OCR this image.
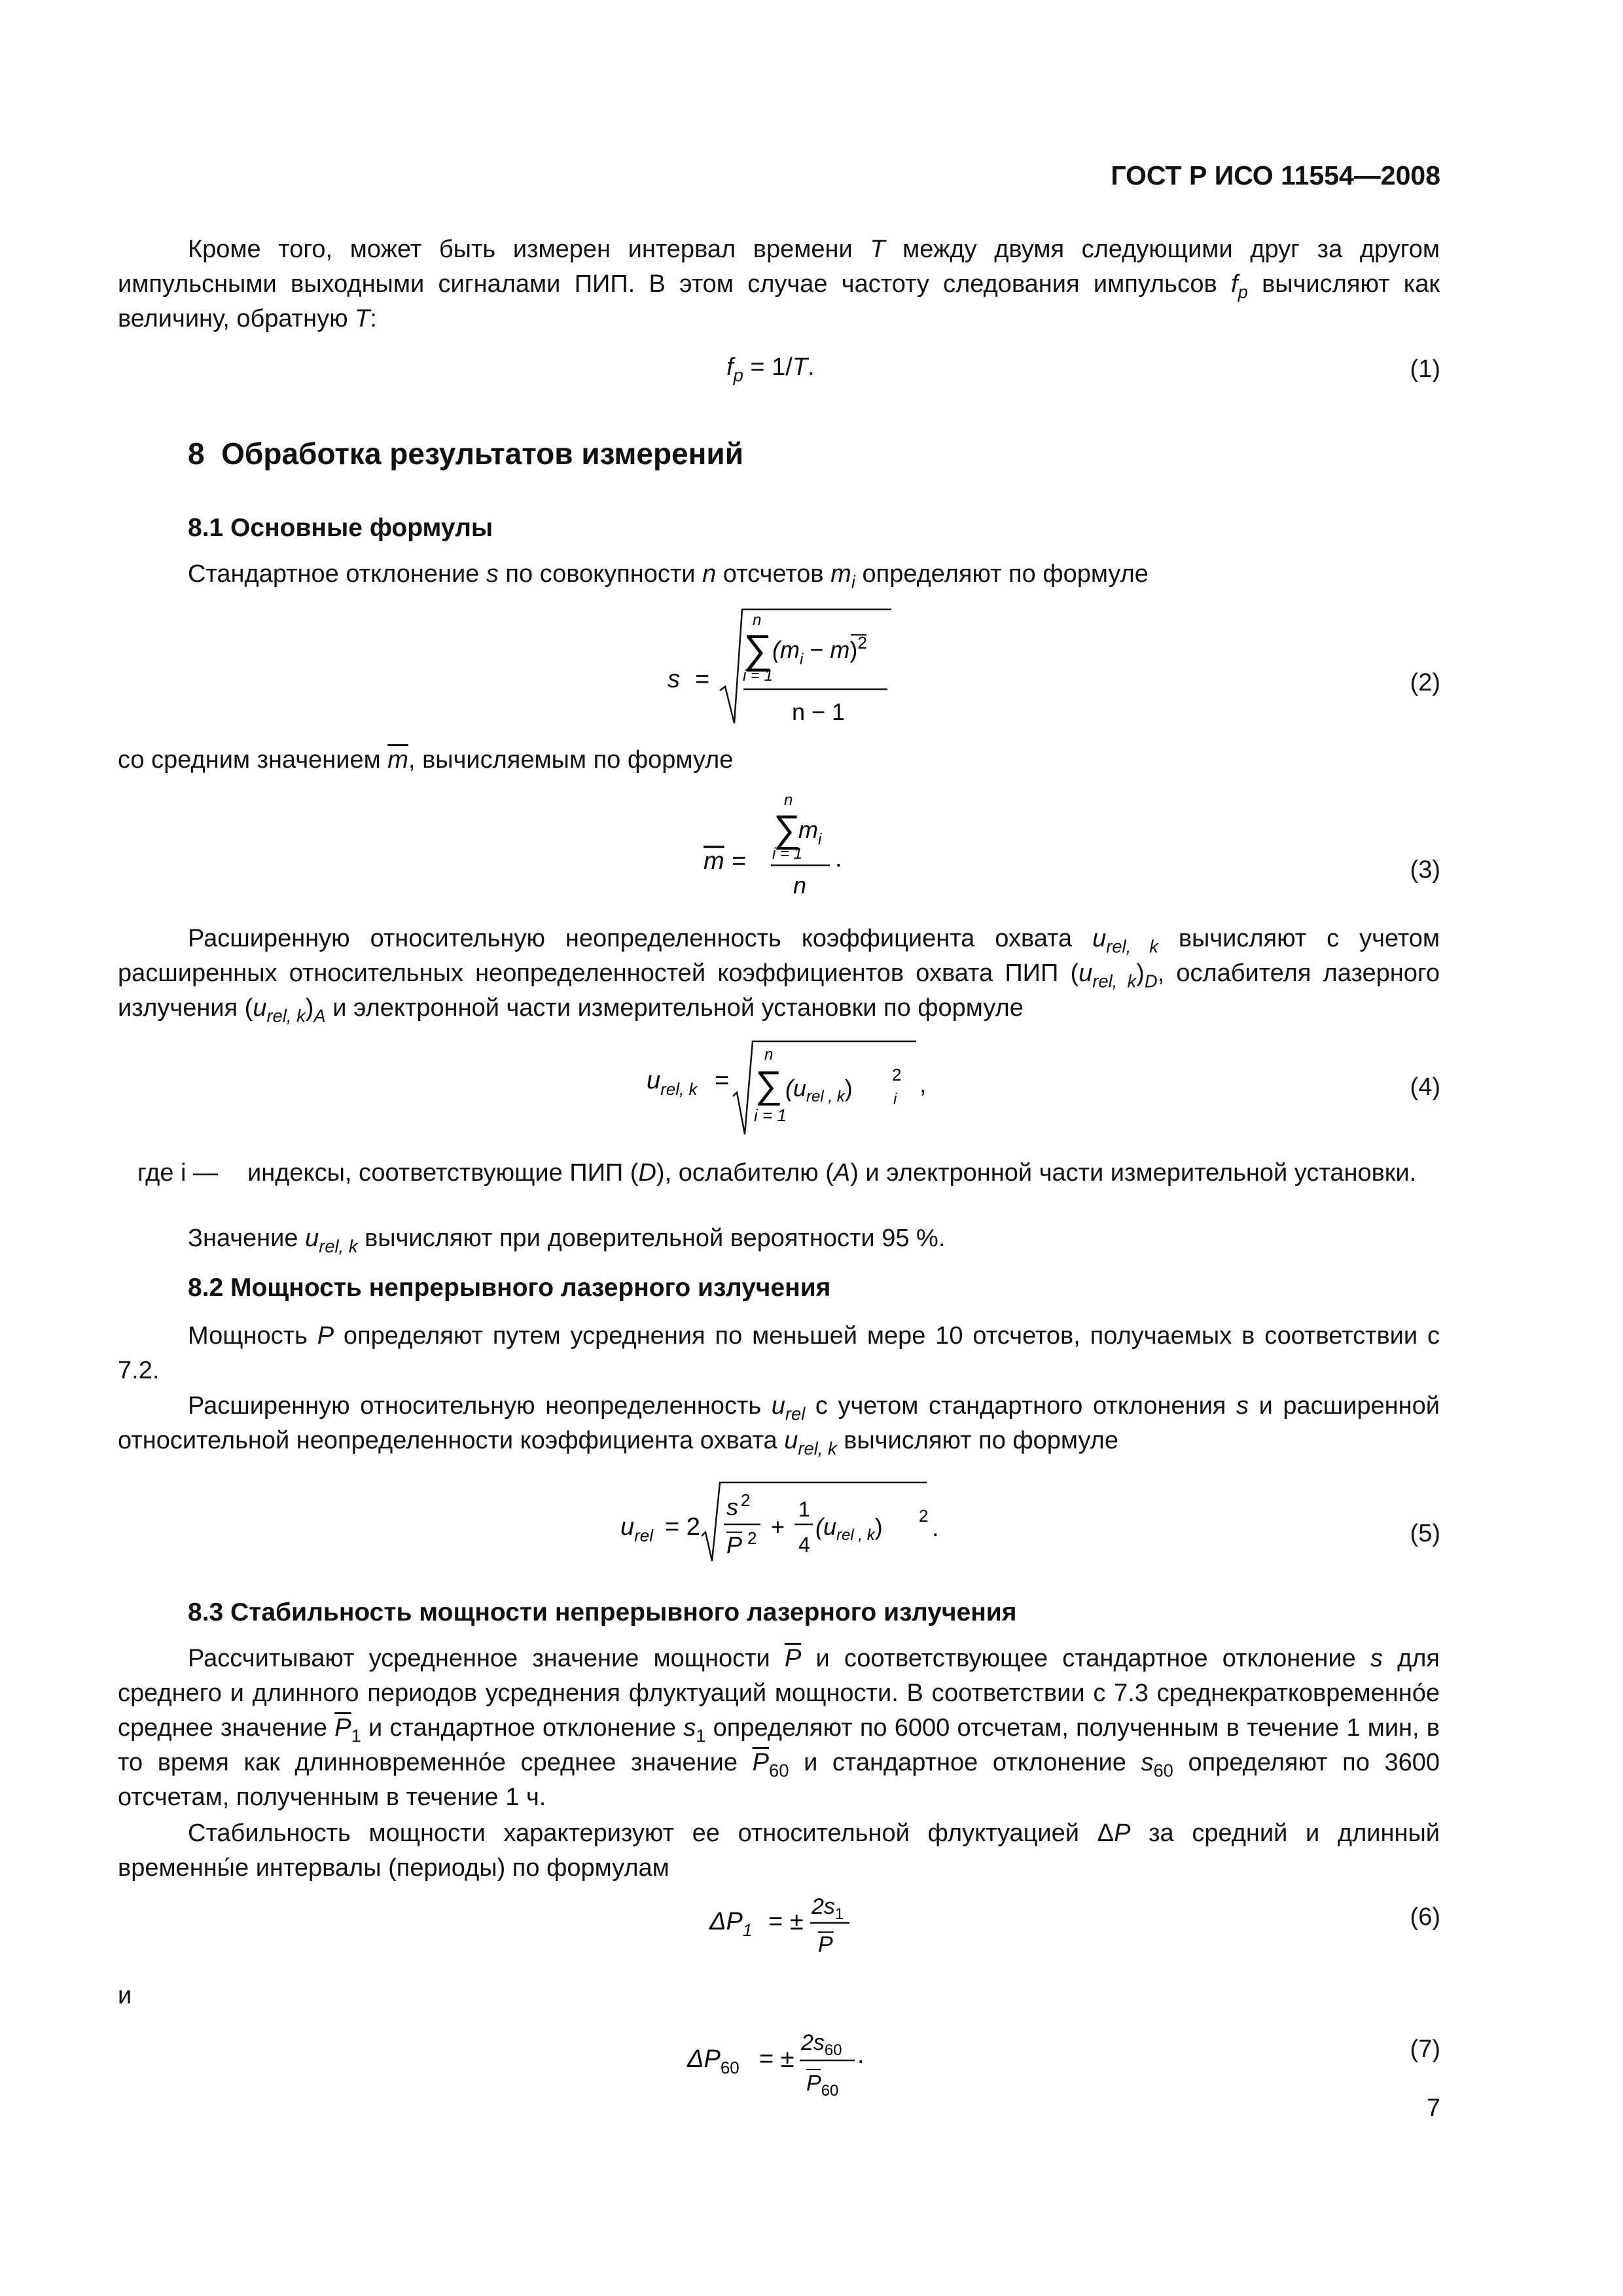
ГОСТ Р ИСО 11554—2008
Кроме того, может быть измерен интервал времени T между двумя следующими друг за другом импульсными выходными сигналами ПИП. В этом случае частоту следования импульсов $f_p$ вычисляют как величину, обратную T:
$f_p = 1/T$.	(1)
8 Обработка результатов измерений
8.1 Основные формулы
Стандартное отклонение s по совокупности n отсчетов $m_i$ определяют по формуле
s =
n
∑
i = 1
$(m_i - m)^2$
n − 1
(2)
со средним значением $\overline{m}$, вычисляемым по формуле
n
∑
$m_i$
i = 1
m =	.
n
(3)
Расширенную относительную неопределенность коэффициента охвата $u_{rel, k}$ вычисляют с учетом расширенных относительных неопределенностей коэффициентов охвата ПИП $(u_{rel, k})_D$, ослабителя лазерного излучения $(u_{rel, k})_A$ и электронной части измерительной установки по формуле
$u_{rel, k}$ =
n
∑
i = 1
$(u_{rel , k})$ 2
i
,	(4)
где i — индексы, соответствующие ПИП (D), ослабителю (A) и электронной части измерительной установки.
Значение $u_{rel, k}$ вычисляют при доверительной вероятности 95 %.
8.2 Мощность непрерывного лазерного излучения
Мощность P определяют путем усреднения по меньшей мере 10 отсчетов, получаемых в соответствии с 7.2.
Расширенную относительную неопределенность $u_{rel}$ с учетом стандартного отклонения s и расширенной относительной неопределенности коэффициента охвата $u_{rel, k}$ вычисляют по формуле
$u_{rel} = 2$
s 2
P 2 +
1
4
$(u_{rel , k})$ 2 .	(5)
8.3 Стабильность мощности непрерывного лазерного излучения
Рассчитывают усредненное значение мощности $\overline{P}$ и соответствующее стандартное отклонение s для среднего и длинного периодов усреднения флуктуаций мощности. В соответствии с 7.3 среднекратковременно́е среднее значение $\overline{P}_1$ и стандартное отклонение $s_1$ определяют по 6000 отсчетам, полученным в течение 1 мин, в то время как длинновременно́е среднее значение $\overline{P}_{60}$ и стандартное отклонение $s_{60}$ определяют по 3600 отсчетам, полученным в течение 1 ч.
Стабильность мощности характеризуют ее относительной флуктуацией ΔP за средний и длинный временны́е интервалы (периоды) по формулам
$\Delta P_1$ = ±
$2s_1$
P
(6)
и
$\Delta P_{60}$ = ±
$2s_{60}$ .
$P_{60}$
(7)
7
